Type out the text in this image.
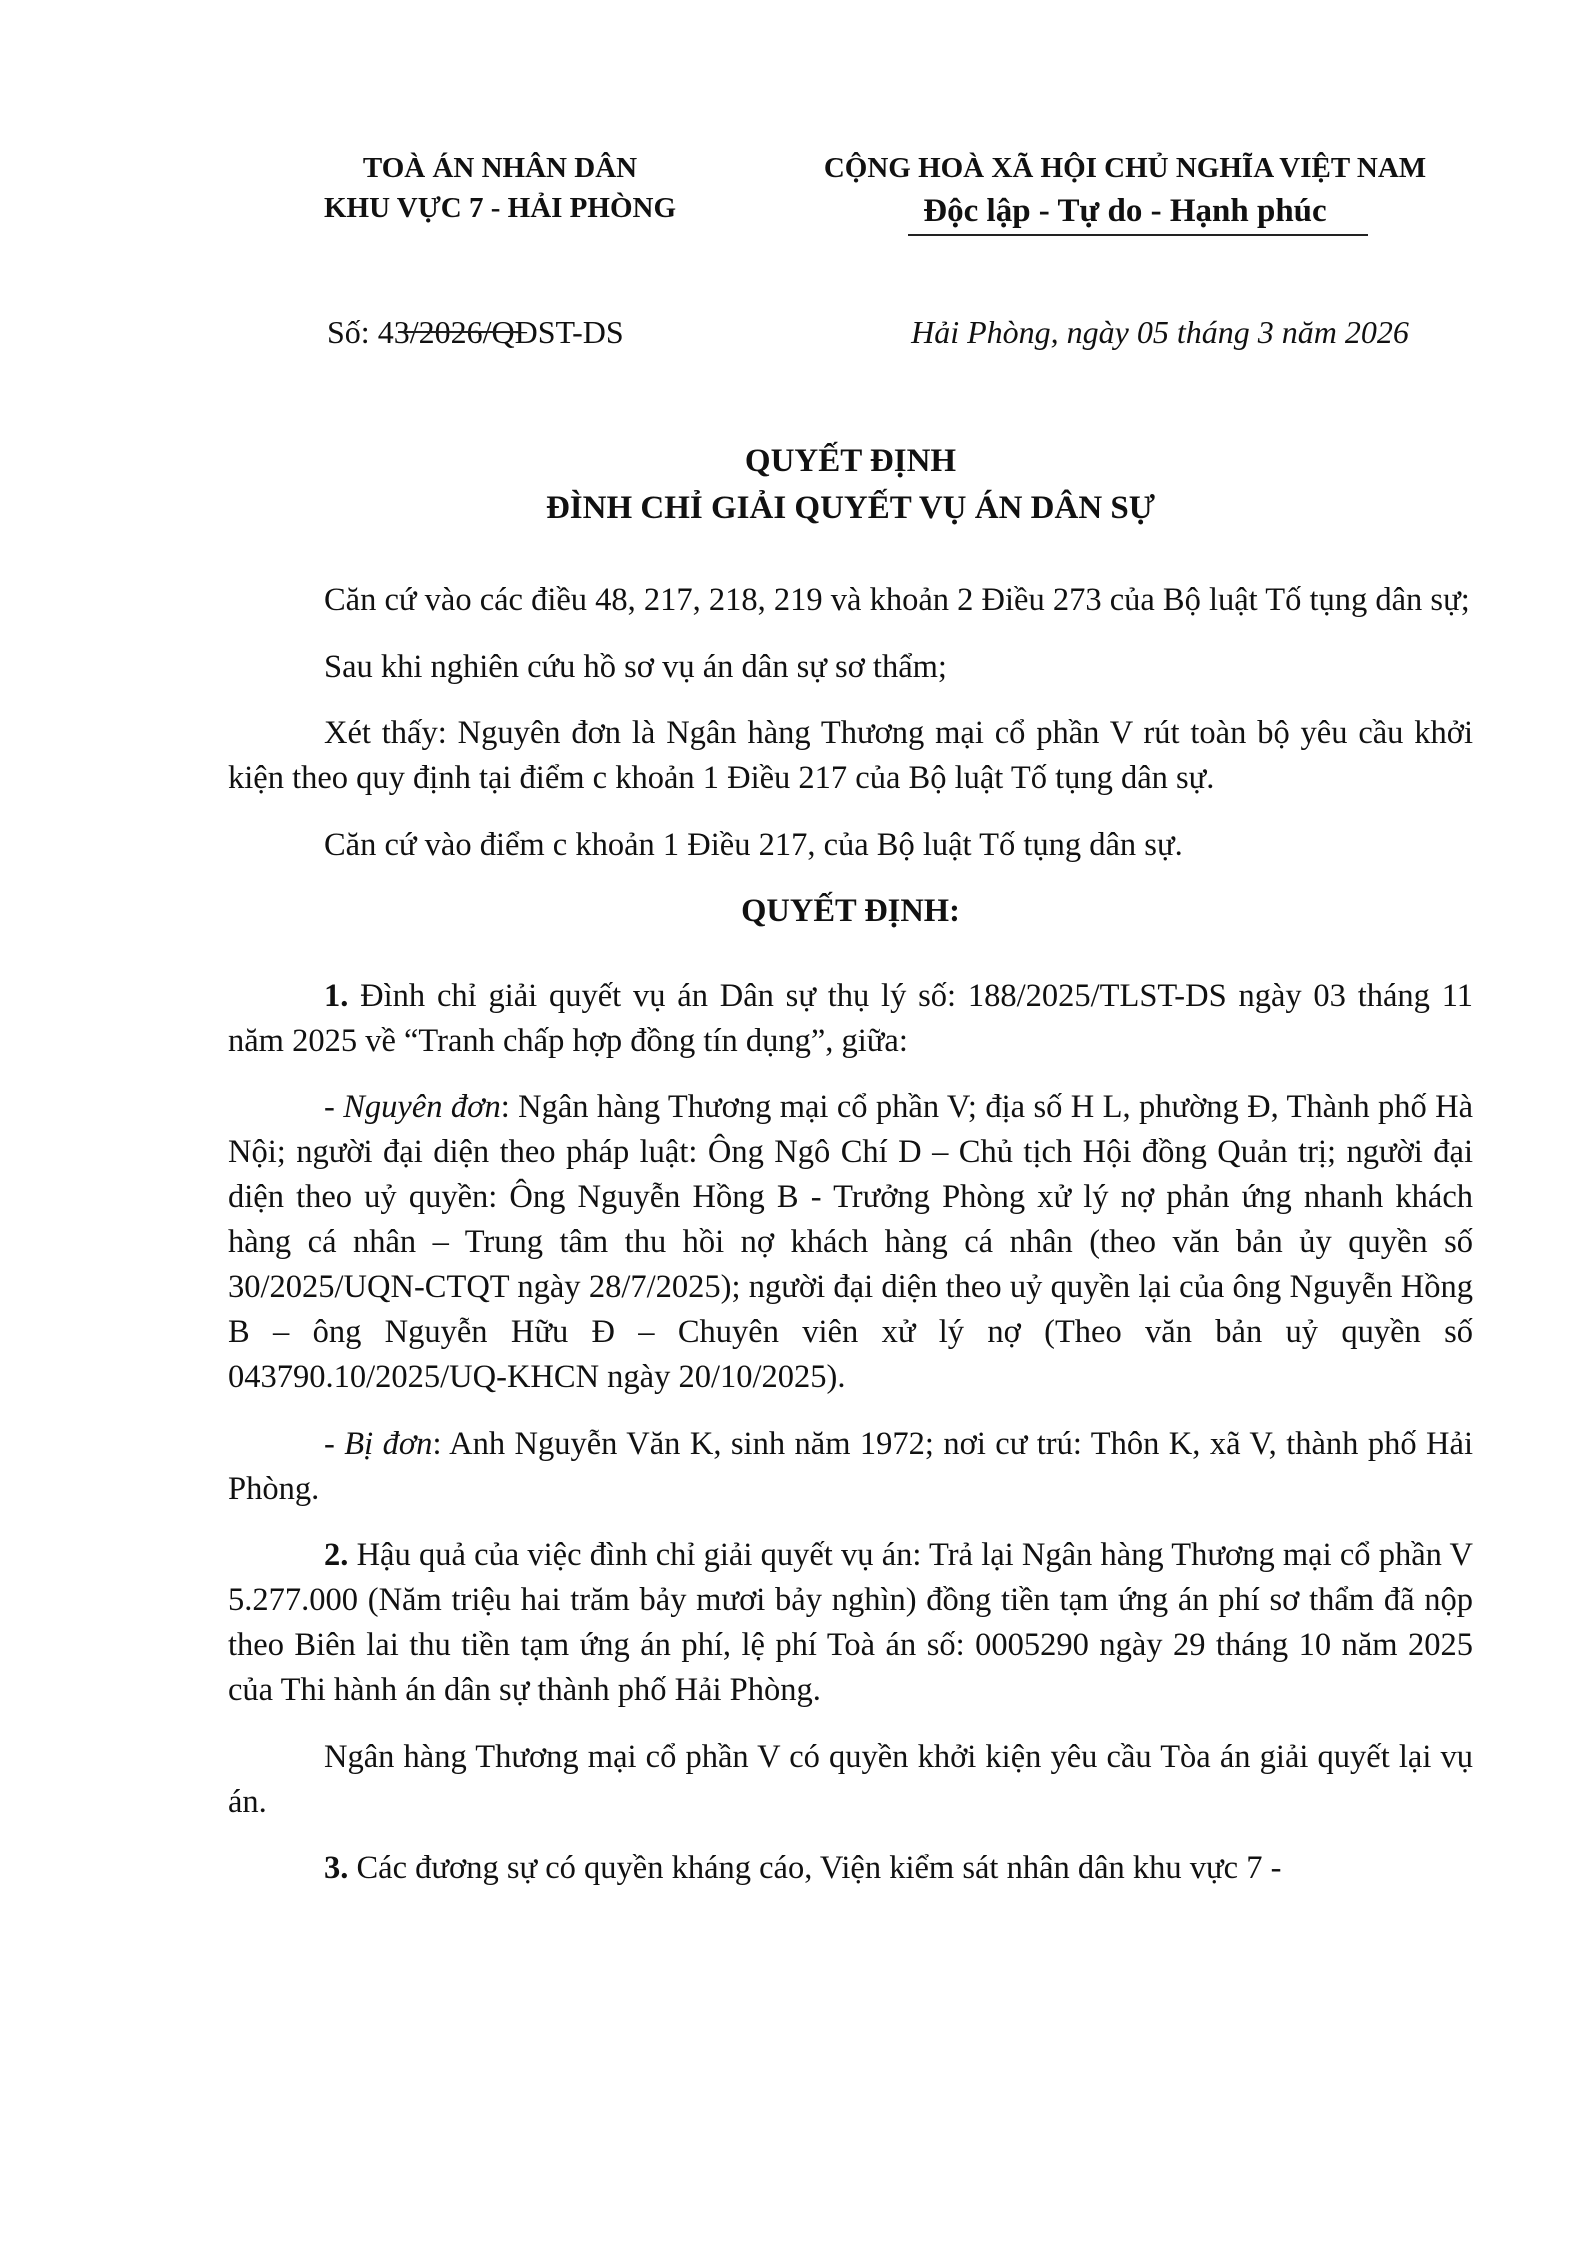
TOÀ ÁN NHÂN DÂN
KHU VỰC 7 - HẢI PHÒNG
CỘNG HOÀ XÃ HỘI CHỦ NGHĨA VIỆT NAM
Độc lập - Tự do - Hạnh phúc
Số: 43/2026/QĐST-DS	Hải Phòng, ngày 05 tháng 3 năm 2026
QUYẾT ĐỊNH
ĐÌNH CHỈ GIẢI QUYẾT VỤ ÁN DÂN SỰ

Căn cứ vào các điều 48, 217, 218, 219 và khoản 2 Điều 273 của Bộ luật Tố tụng dân sự;

Sau khi nghiên cứu hồ sơ vụ án dân sự sơ thẩm;

Xét thấy: Nguyên đơn là Ngân hàng Thương mại cổ phần V rút toàn bộ yêu cầu khởi kiện theo quy định tại điểm c khoản 1 Điều 217 của Bộ luật Tố tụng dân sự.

Căn cứ vào điểm c khoản 1 Điều 217, của Bộ luật Tố tụng dân sự.

QUYẾT ĐỊNH:

1. Đình chỉ giải quyết vụ án Dân sự thụ lý số: 188/2025/TLST-DS ngày 03 tháng 11 năm 2025 về “Tranh chấp hợp đồng tín dụng”, giữa:

- Nguyên đơn: Ngân hàng Thương mại cổ phần V; địa số H L, phường Đ, Thành phố Hà Nội; người đại diện theo pháp luật: Ông Ngô Chí D – Chủ tịch Hội đồng Quản trị; người đại diện theo uỷ quyền: Ông Nguyễn Hồng B - Trưởng Phòng xử lý nợ phản ứng nhanh khách hàng cá nhân – Trung tâm thu hồi nợ khách hàng cá nhân (theo văn bản ủy quyền số 30/2025/UQN-CTQT ngày 28/7/2025); người đại diện theo uỷ quyền lại của ông Nguyễn Hồng B – ông Nguyễn Hữu Đ – Chuyên viên xử lý nợ (Theo văn bản uỷ quyền số 043790.10/2025/UQ-KHCN ngày 20/10/2025).

- Bị đơn: Anh Nguyễn Văn K, sinh năm 1972; nơi cư trú: Thôn K, xã V, thành phố Hải Phòng.

2. Hậu quả của việc đình chỉ giải quyết vụ án: Trả lại Ngân hàng Thương mại cổ phần V 5.277.000 (Năm triệu hai trăm bảy mươi bảy nghìn) đồng tiền tạm ứng án phí sơ thẩm đã nộp theo Biên lai thu tiền tạm ứng án phí, lệ phí Toà án số: 0005290 ngày 29 tháng 10 năm 2025 của Thi hành án dân sự thành phố Hải Phòng.

Ngân hàng Thương mại cổ phần V có quyền khởi kiện yêu cầu Tòa án giải quyết lại vụ án.

3. Các đương sự có quyền kháng cáo, Viện kiểm sát nhân dân khu vực 7 -
